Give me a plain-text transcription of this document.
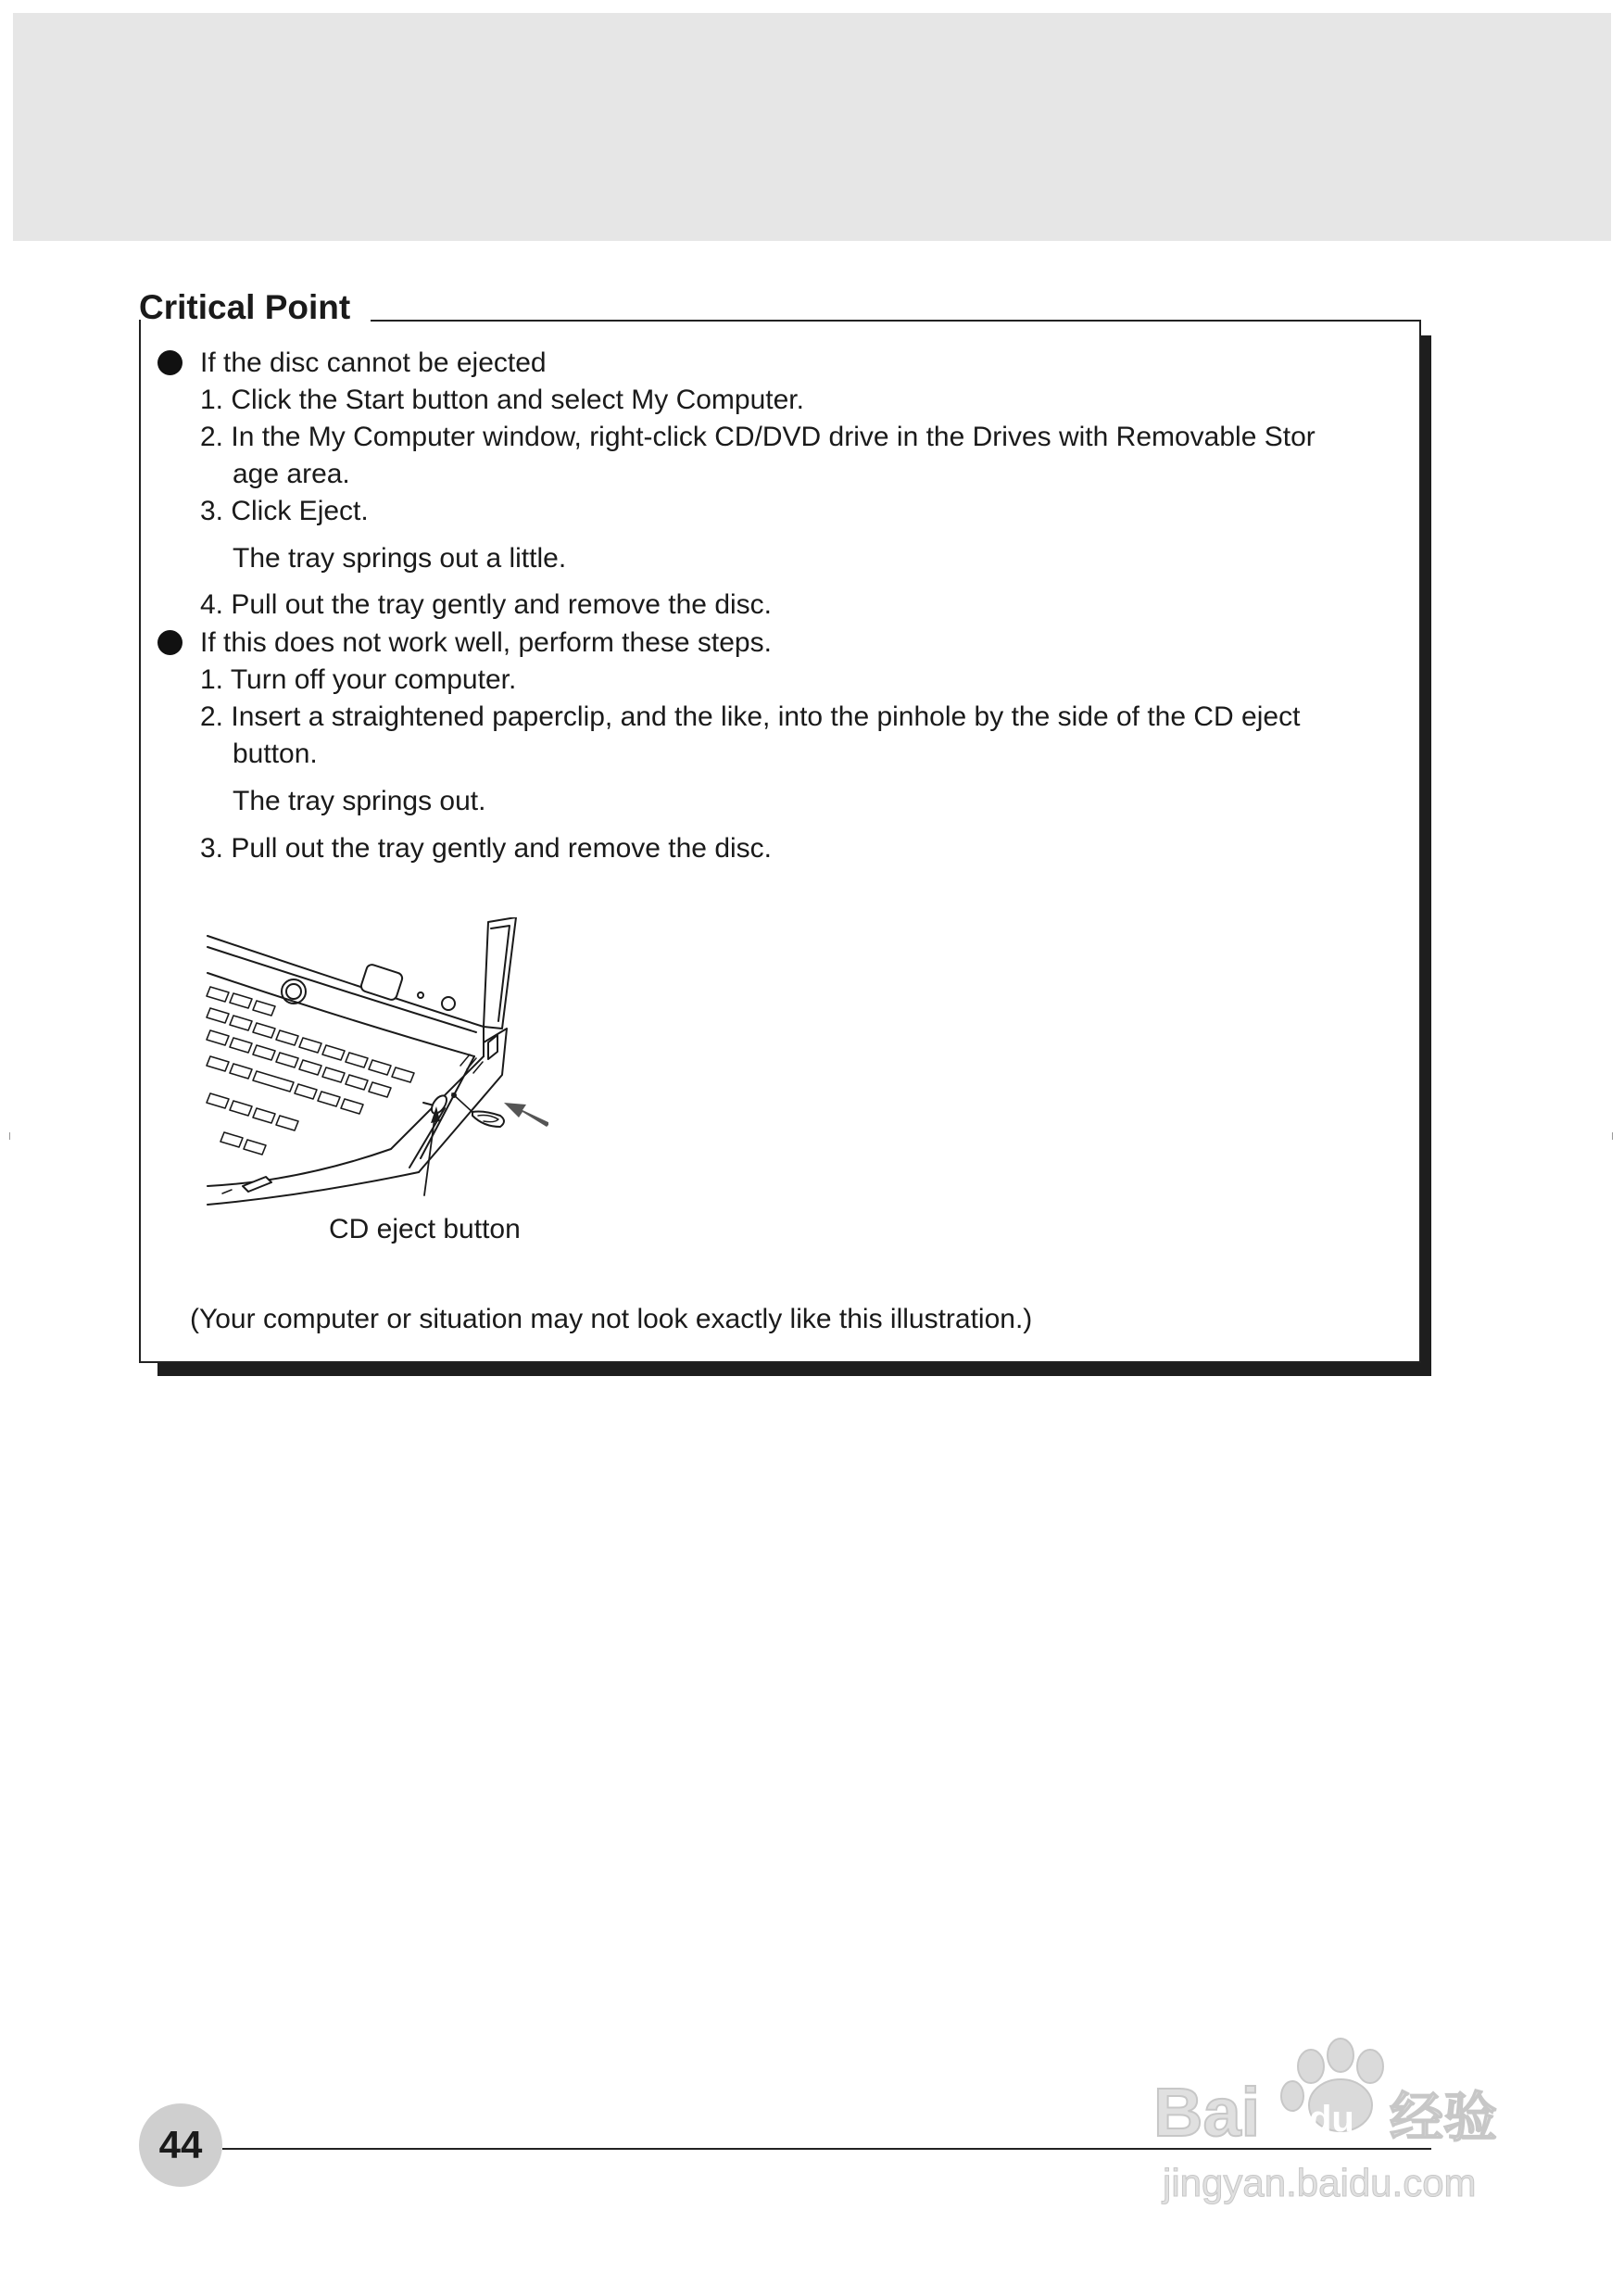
Critical Point
If the disc cannot be ejected
1. Click the Start button and select My Computer.
2. In the My Computer window, right-click CD/DVD drive in the Drives with Removable Stor
age area.
3. Click Eject.
The tray springs out a little.
4. Pull out the tray gently and remove the disc.
If this does not work well, perform these steps.
1. Turn off your computer.
2. Insert a straightened paperclip, and the like, into the pinhole by the side of the CD eject
button.
The tray springs out.
3. Pull out the tray gently and remove the disc.
CD eject button
(Your computer or situation may not look exactly like this illustration.)
44	Bai du 经验
jingyan.baidu.com
